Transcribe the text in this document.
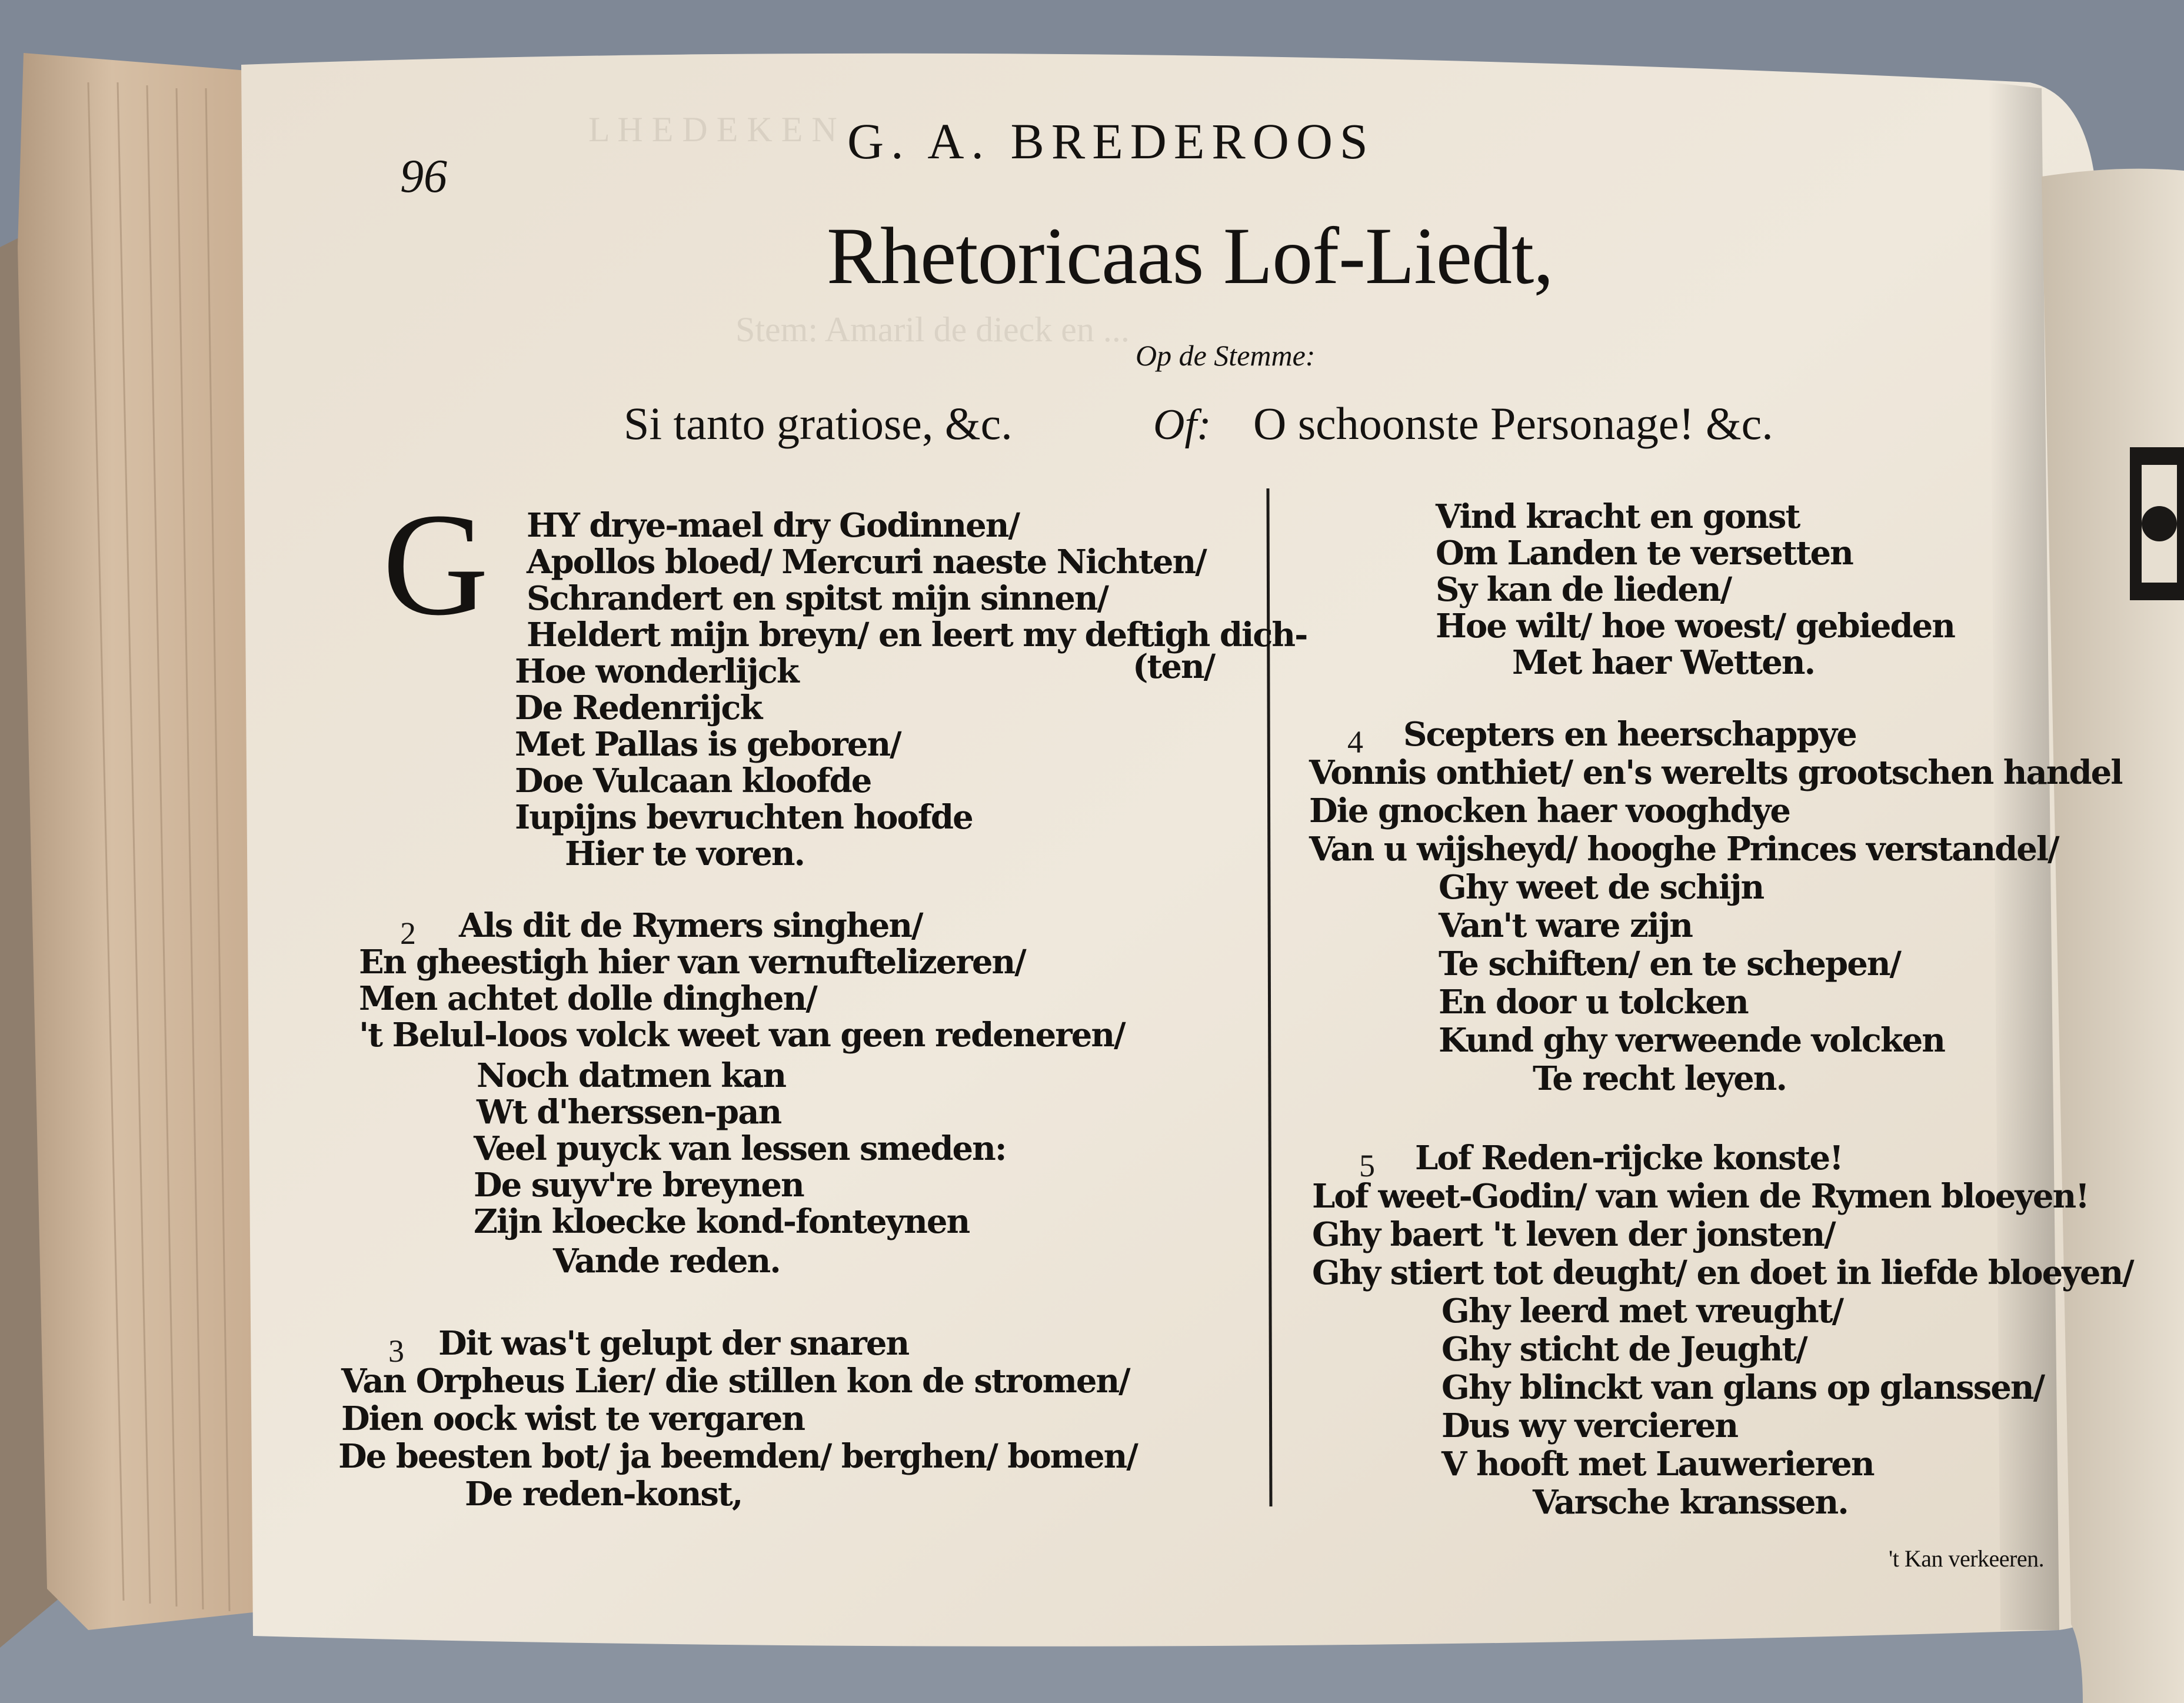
L H E D E K E N
Stem: Amaril de dieck en ...
96
G. A. BREDEROOS
Rhetoricaas Lof-Liedt,
Op de Stemme:
Si tanto gratiose, &c.	Of: O schoonste Personage! &c.
G HY drye-mael dry Godinnen/
Apollos bloed/ Mercuri naeste Nichten/
Schrandert en spitst mijn sinnen/
Heldert mijn breyn/ en leert my deftigh dich-
(ten/
Hoe wonderlijck
De Redenrijck
Met Pallas is geboren/
Doe Vulcaan kloofde
Iupijns bevruchten hoofde
Hier te voren.
2 Als dit de Rymers singhen/
En gheestigh hier van vernuftelizeren/
Men achtet dolle dinghen/
't Belul-loos volck weet van geen redeneren/
Noch datmen kan
Wt d'herssen-pan
Veel puyck van lessen smeden:
De suyv're breynen
Zijn kloecke kond-fonteynen
Vande reden.
3 Dit was't gelupt der snaren
Van Orpheus Lier/ die stillen kon de stromen/
Dien oock wist te vergaren
De beesten bot/ ja beemden/ berghen/ bomen/
De reden-konst,
Vind kracht en gonst
Om Landen te versetten
Sy kan de lieden/
Hoe wilt/ hoe woest/ gebieden
Met haer Wetten.
4 Scepters en heerschappye
Vonnis onthiet/ en's werelts grootschen handel
Die gnocken haer vooghdye
Van u wijsheyd/ hooghe Princes verstandel/
Ghy weet de schijn
Van't ware zijn
Te schiften/ en te schepen/
En door u tolcken
Kund ghy verweende volcken
Te recht leyen.
5 Lof Reden-rijcke konste!
Lof weet-Godin/ van wien de Rymen bloeyen!
Ghy baert 't leven der jonsten/
Ghy stiert tot deught/ en doet in liefde bloeyen/
Ghy leerd met vreught/
Ghy sticht de Jeught/
Ghy blinckt van glans op glanssen/
Dus wy vercieren
V hooft met Lauwerieren
Varsche kranssen.
't Kan verkeeren.
